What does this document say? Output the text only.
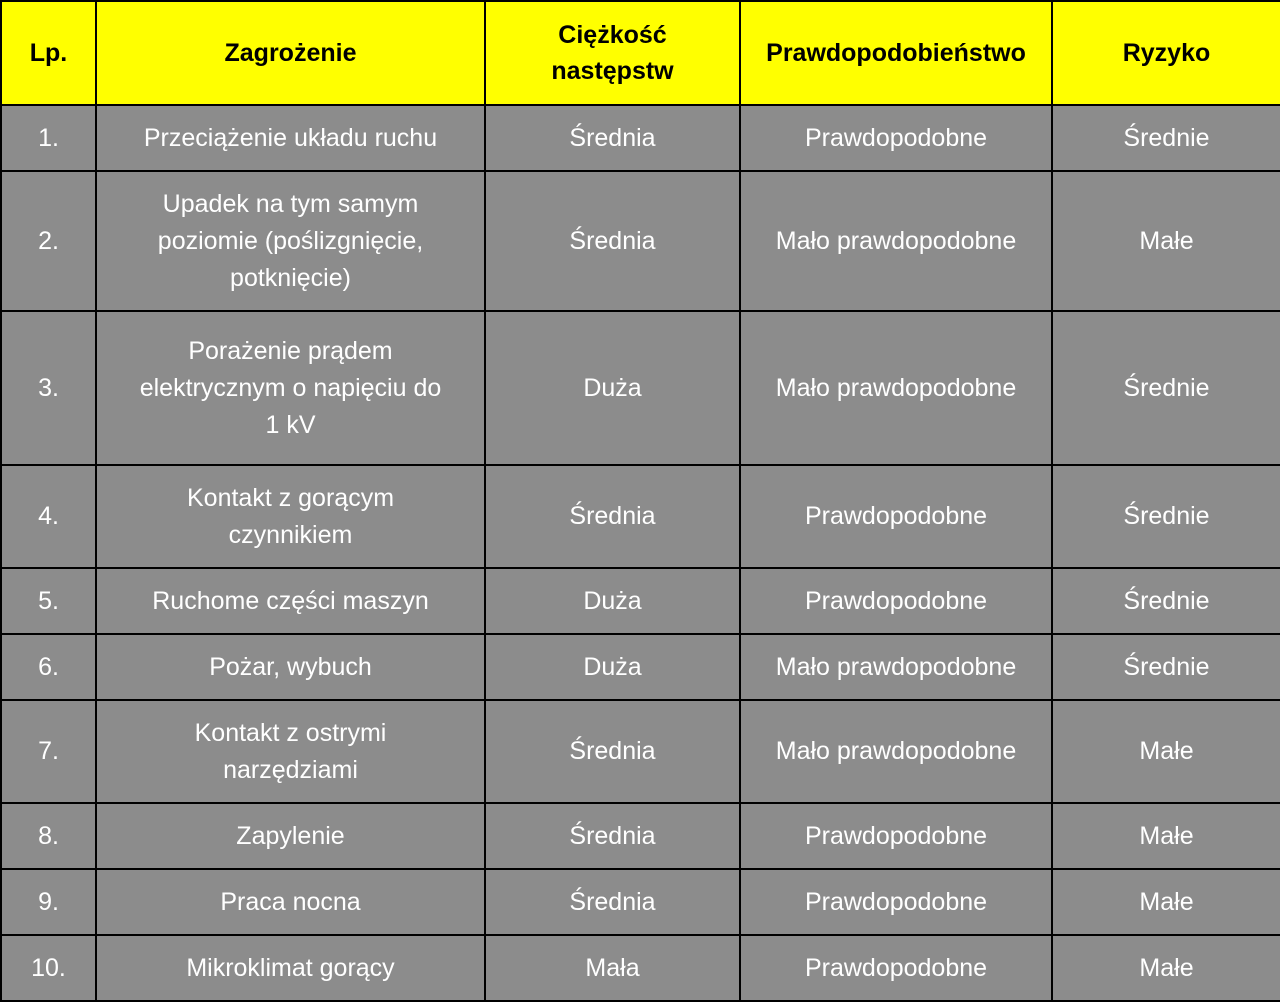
Lp.	Zagrożenie	Ciężkość następstw	Prawdopodobieństwo	Ryzyko
1.	Przeciążenie układu ruchu	Średnia	Prawdopodobne	Średnie
2.	Upadek na tym samym poziomie (poślizgnięcie, potknięcie)	Średnia	Mało prawdopodobne	Małe
3.	Porażenie prądem elektrycznym o napięciu do 1 kV	Duża	Mało prawdopodobne	Średnie
4.	Kontakt z gorącym czynnikiem	Średnia	Prawdopodobne	Średnie
5.	Ruchome części maszyn	Duża	Prawdopodobne	Średnie
6.	Pożar, wybuch	Duża	Mało prawdopodobne	Średnie
7.	Kontakt z ostrymi narzędziami	Średnia	Mało prawdopodobne	Małe
8.	Zapylenie	Średnia	Prawdopodobne	Małe
9.	Praca nocna	Średnia	Prawdopodobne	Małe
10.	Mikroklimat gorący	Mała	Prawdopodobne	Małe
